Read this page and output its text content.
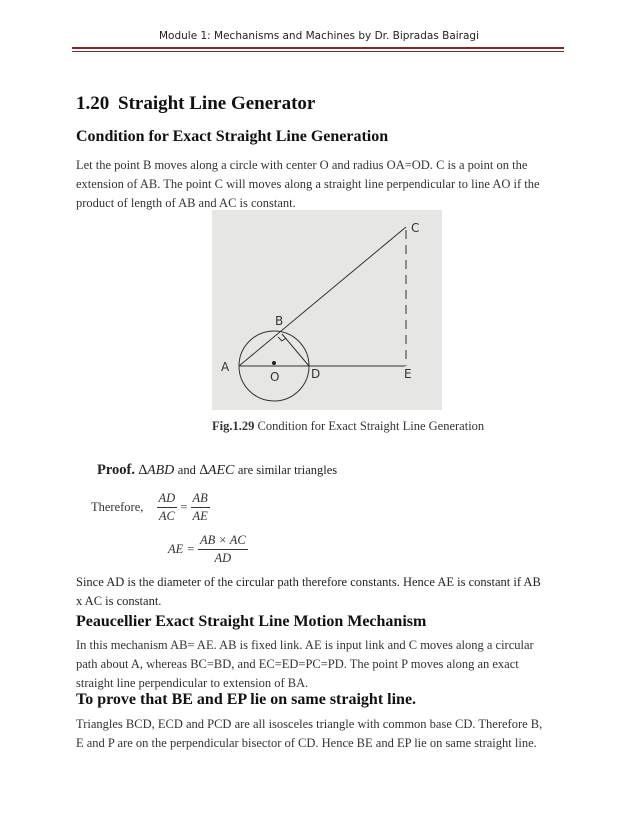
Module 1: Mechanisms and Machines by Dr. Bipradas Bairagi
1.20 Straight Line Generator
Condition for Exact Straight Line Generation
Let the point B moves along a circle with center O and radius OA=OD. C is a point on the
extension of AB. The point C will moves along a straight line perpendicular to line AO if the
product of length of AB and AC is constant.
A
B
C
O	D	E
Fig.1.29 Condition for Exact Straight Line Generation
Proof. ∆ABD and ∆AEC are similar triangles
Therefore, $\frac{AD}{AC} = \frac{AB}{AE}$
AE = $\frac{AB \times AC}{AD}$
Since AD is the diameter of the circular path therefore constants. Hence AE is constant if AB
x AC is constant.
Peaucellier Exact Straight Line Motion Mechanism
In this mechanism AB= AE. AB is fixed link. AE is input link and C moves along a circular
path about A, whereas BC=BD, and EC=ED=PC=PD. The point P moves along an exact
straight line perpendicular to extension of BA.
To prove that BE and EP lie on same straight line.
Triangles BCD, ECD and PCD are all isosceles triangle with common base CD. Therefore B,
E and P are on the perpendicular bisector of CD. Hence BE and EP lie on same straight line.
